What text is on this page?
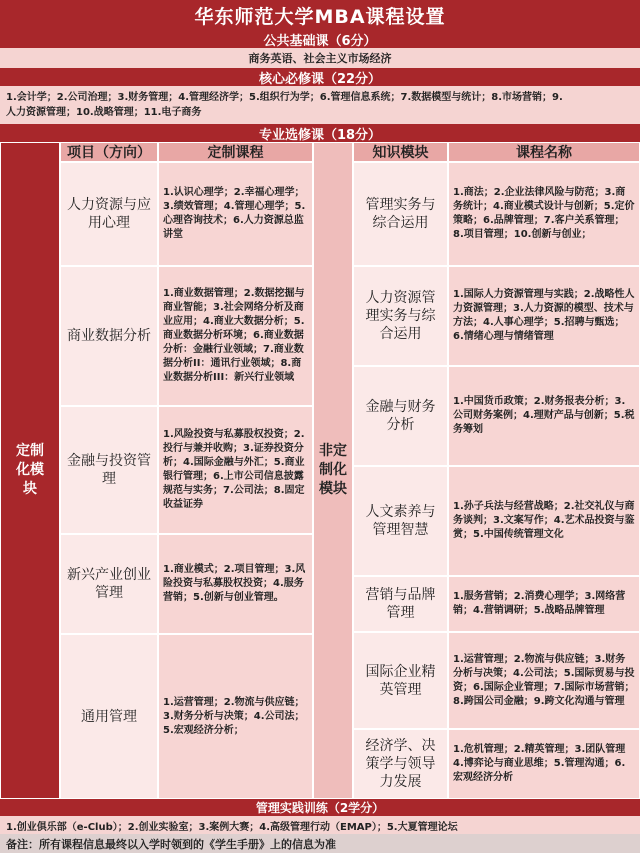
华东师范大学MBA课程设置
公共基础课（6分）
商务英语、社会主义市场经济
核心必修课（22分）
1.会计学；2.公司治理；3.财务管理；4.管理经济学；5.组织行为学；6.管理信息系统；7.数据模型与统计；8.市场营销；9.
人力资源管理；10.战略管理；11.电子商务
专业选修课（18分）
定制化模块
项目（方向）	定制课程
人力资源与应用心理
1.认识心理学；2.幸福心理学；3.绩效管理；4.管理心理学；5.心理咨询技术；6.人力资源总监讲堂
商业数据分析
1.商业数据管理；2.数据挖掘与商业智能；3.社会网络分析及商业应用；4.商业大数据分析；5.商业数据分析环境；6.商业数据分析：金融行业领域；7.商业数据分析II：通讯行业领域；8.商业数据分析III：新兴行业领域
金融与投资管理
1.风险投资与私募股权投资；2.投行与兼并收购；3.证券投资分析；4.国际金融与外汇；5.商业银行管理；6.上市公司信息披露规范与实务；7.公司法；8.固定收益证券
新兴产业创业管理
1.商业模式；2.项目管理；3.风险投资与私募股权投资；4.服务营销；5.创新与创业管理。
通用管理
1.运营管理；2.物流与供应链；3.财务分析与决策；4.公司法；5.宏观经济分析；
非定制化模块
知识模块	课程名称
管理实务与综合运用
1.商法；2.企业法律风险与防范；3.商务统计；4.商业模式设计与创新；5.定价策略；6.品牌管理；7.客户关系管理；8.项目管理；10.创新与创业；
人力资源管理实务与综合运用
1.国际人力资源管理与实践；2.战略性人力资源管理；3.人力资源的模型、技术与方法；4.人事心理学；5.招聘与甄选；6.情绪心理与情绪管理
金融与财务分析
1.中国货币政策；2.财务报表分析；3.公司财务案例；4.理财产品与创新；5.税务筹划
人文素养与管理智慧
1.孙子兵法与经营战略；2.社交礼仪与商务谈判；3.文案写作；4.艺术品投资与鉴赏；5.中国传统管理文化
营销与品牌管理
1.服务营销；2.消费心理学；3.网络营销；4.营销调研；5.战略品牌管理
国际企业精英管理
1.运营管理；2.物流与供应链；3.财务分析与决策；4.公司法；5.国际贸易与投资；6.国际企业管理；7.国际市场营销；8.跨国公司金融；9.跨文化沟通与管理
经济学、决策学与领导力发展
1.危机管理；2.精英管理；3.团队管理4.博弈论与商业思维；5.管理沟通；6.宏观经济分析
管理实践训练（2学分）
1.创业俱乐部（e-Club）；2.创业实验室；3.案例大赛；4.高级管理行动（EMAP）；5.大夏管理论坛
备注：所有课程信息最终以入学时领到的《学生手册》上的信息为准
